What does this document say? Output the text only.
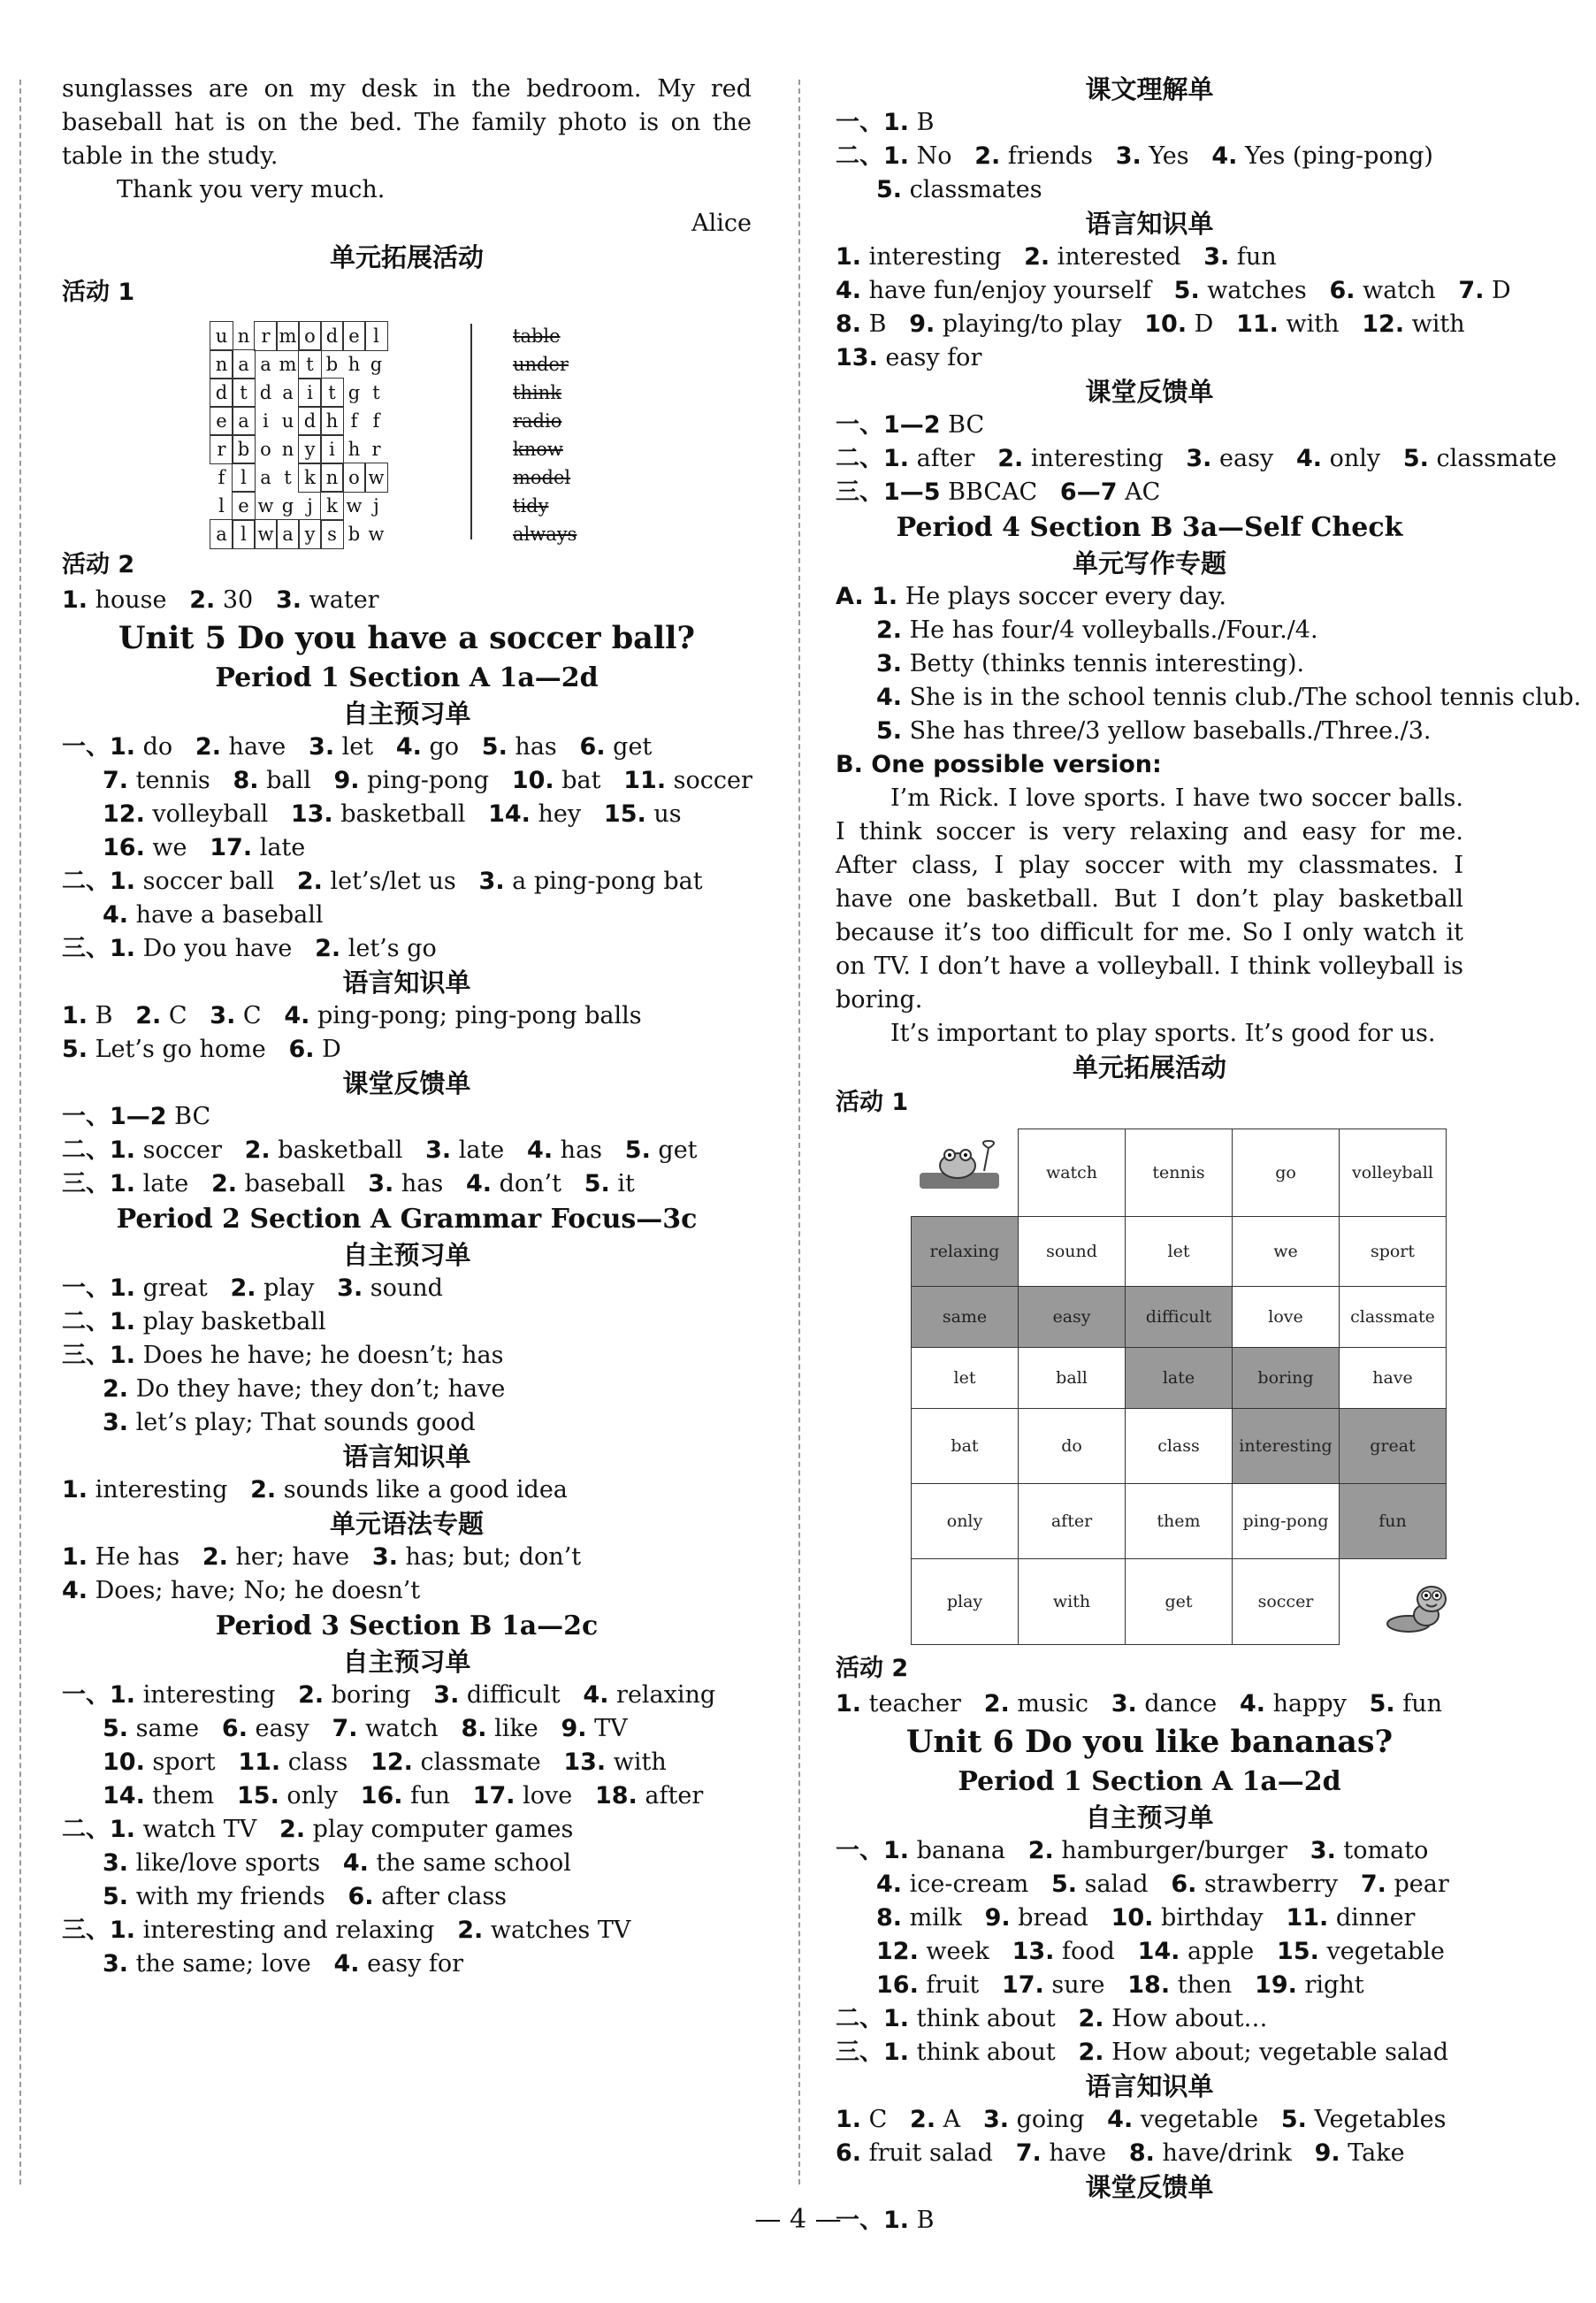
sunglasses are on my desk in the bedroom. My red baseball hat is on the bed. The family photo is on the table in the study.
Thank you very much.
Alice
单元拓展活动
活动 1
u n r m o d e l
n a a m t b h g
d t d a i t g t
e a i u d h f f
r b o n y i h r
f l a t k n o w
l e w g j k w j
a l w a y s b w
table
under
think
radio
know
model
tidy
always
活动 2
1. house 2. 30 3. water
Unit 5 Do you have a soccer ball?
Period 1 Section A 1a—2d
自主预习单
一、1. do 2. have 3. let 4. go 5. has 6. get
7. tennis 8. ball 9. ping-pong 10. bat 11. soccer
12. volleyball 13. basketball 14. hey 15. us
16. we 17. late
二、1. soccer ball 2. let’s/let us 3. a ping-pong bat
4. have a baseball
三、1. Do you have 2. let’s go
语言知识单
1. B 2. C 3. C 4. ping-pong; ping-pong balls
5. Let’s go home 6. D
课堂反馈单
一、1—2 BC
二、1. soccer 2. basketball 3. late 4. has 5. get
三、1. late 2. baseball 3. has 4. don’t 5. it
Period 2 Section A Grammar Focus—3c
自主预习单
一、1. great 2. play 3. sound
二、1. play basketball
三、1. Does he have; he doesn’t; has
2. Do they have; they don’t; have
3. let’s play; That sounds good
语言知识单
1. interesting 2. sounds like a good idea
单元语法专题
1. He has 2. her; have 3. has; but; don’t
4. Does; have; No; he doesn’t
Period 3 Section B 1a—2c
自主预习单
一、1. interesting 2. boring 3. difficult 4. relaxing
5. same 6. easy 7. watch 8. like 9. TV
10. sport 11. class 12. classmate 13. with
14. them 15. only 16. fun 17. love 18. after
二、1. watch TV 2. play computer games
3. like/love sports 4. the same school
5. with my friends 6. after class
三、1. interesting and relaxing 2. watches TV
3. the same; love 4. easy for
课文理解单
一、1. B
二、1. No 2. friends 3. Yes 4. Yes (ping-pong)
5. classmates
语言知识单
1. interesting 2. interested 3. fun
4. have fun/enjoy yourself 5. watches 6. watch 7. D
8. B 9. playing/to play 10. D 11. with 12. with
13. easy for
课堂反馈单
一、1—2 BC
二、1. after 2. interesting 3. easy 4. only 5. classmate
三、1—5 BBCAC 6—7 AC
Period 4 Section B 3a—Self Check
单元写作专题
A. 1. He plays soccer every day.
2. He has four/4 volleyballs./Four./4.
3. Betty (thinks tennis interesting).
4. She is in the school tennis club./The school tennis club.
5. She has three/3 yellow baseballs./Three./3.
B. One possible version:
I’m Rick. I love sports. I have two soccer balls. I think soccer is very relaxing and easy for me. After class, I play soccer with my classmates. I have one basketball. But I don’t play basketball because it’s too difficult for me. So I only watch it on TV. I don’t have a volleyball. I think volleyball is boring.
It’s important to play sports. It’s good for us.
单元拓展活动
活动 1
	watch	tennis	go	volleyball
relaxing	sound	let	we	sport
same	easy	difficult	love	classmate
let	ball	late	boring	have
bat	do	class	interesting	great
only	after	them	ping-pong	fun
play	with	get	soccer	
活动 2
1. teacher 2. music 3. dance 4. happy 5. fun
Unit 6 Do you like bananas?
Period 1 Section A 1a—2d
自主预习单
一、1. banana 2. hamburger/burger 3. tomato
4. ice-cream 5. salad 6. strawberry 7. pear
8. milk 9. bread 10. birthday 11. dinner
12. week 13. food 14. apple 15. vegetable
16. fruit 17. sure 18. then 19. right
二、1. think about 2. How about…
三、1. think about 2. How about; vegetable salad
语言知识单
1. C 2. A 3. going 4. vegetable 5. Vegetables
6. fruit salad 7. have 8. have/drink 9. Take
课堂反馈单
一、1. B
— 4 —
